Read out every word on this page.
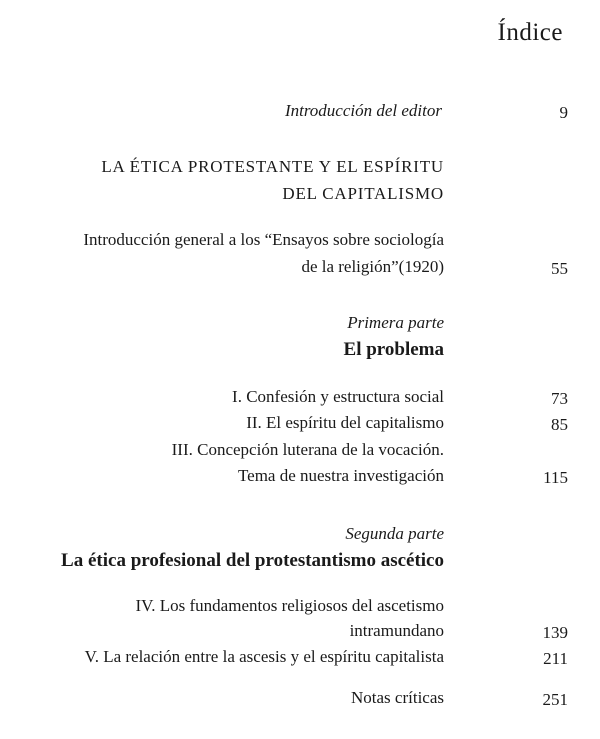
Índice
Introducción del editor	9
LA ÉTICA PROTESTANTE Y EL ESPÍRITU
DEL CAPITALISMO
Introducción general a los “Ensayos sobre sociología
de la religión”(1920)	55
Primera parte
El problema
I. Confesión y estructura social	73
II. El espíritu del capitalismo	85
III. Concepción luterana de la vocación.
Tema de nuestra investigación	115
Segunda parte
La ética profesional del protestantismo ascético
IV. Los fundamentos religiosos del ascetismo
intramundano	139
V. La relación entre la ascesis y el espíritu capitalista	211
Notas críticas	251
